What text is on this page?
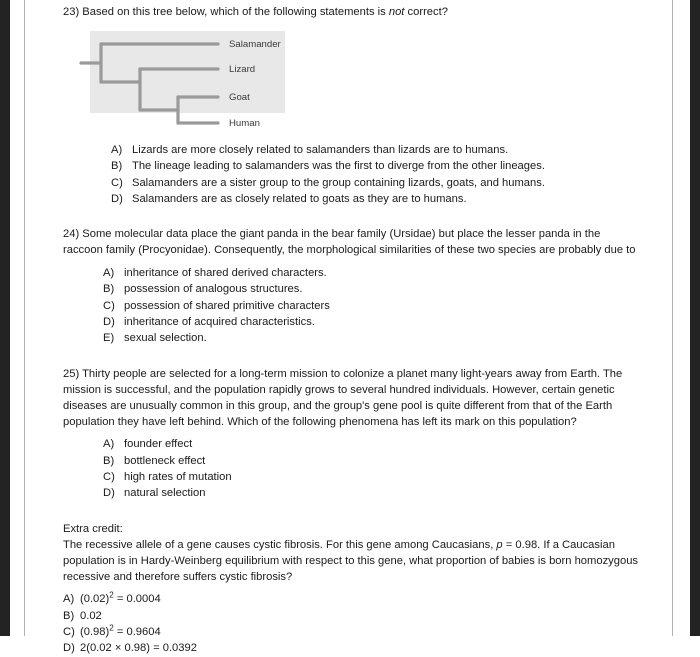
23) Based on this tree below, which of the following statements is not correct?

Salamander
Lizard
Goat
Human
A) Lizards are more closely related to salamanders than lizards are to humans.
B) The lineage leading to salamanders was the first to diverge from the other lineages.
C) Salamanders are a sister group to the group containing lizards, goats, and humans.
D) Salamanders are as closely related to goats as they are to humans.

24) Some molecular data place the giant panda in the bear family (Ursidae) but place the lesser panda in the raccoon family (Procyonidae). Consequently, the morphological similarities of these two species are probably due to

A) inheritance of shared derived characters.
B) possession of analogous structures.
C) possession of shared primitive characters
D) inheritance of acquired characteristics.
E) sexual selection.

25) Thirty people are selected for a long-term mission to colonize a planet many light-years away from Earth. The mission is successful, and the population rapidly grows to several hundred individuals. However, certain genetic diseases are unusually common in this group, and the group's gene pool is quite different from that of the Earth population they have left behind. Which of the following phenomena has left its mark on this population?

A) founder effect
B) bottleneck effect
C) high rates of mutation
D) natural selection

Extra credit:

The recessive allele of a gene causes cystic fibrosis. For this gene among Caucasians, p = 0.98. If a Caucasian population is in Hardy-Weinberg equilibrium with respect to this gene, what proportion of babies is born homozygous recessive and therefore suffers cystic fibrosis?

A) $(0.02)^2 = 0.0004$
B) 0.02
C) $(0.98)^2 = 0.9604$
D) 2(0.02 × 0.98) = 0.0392
